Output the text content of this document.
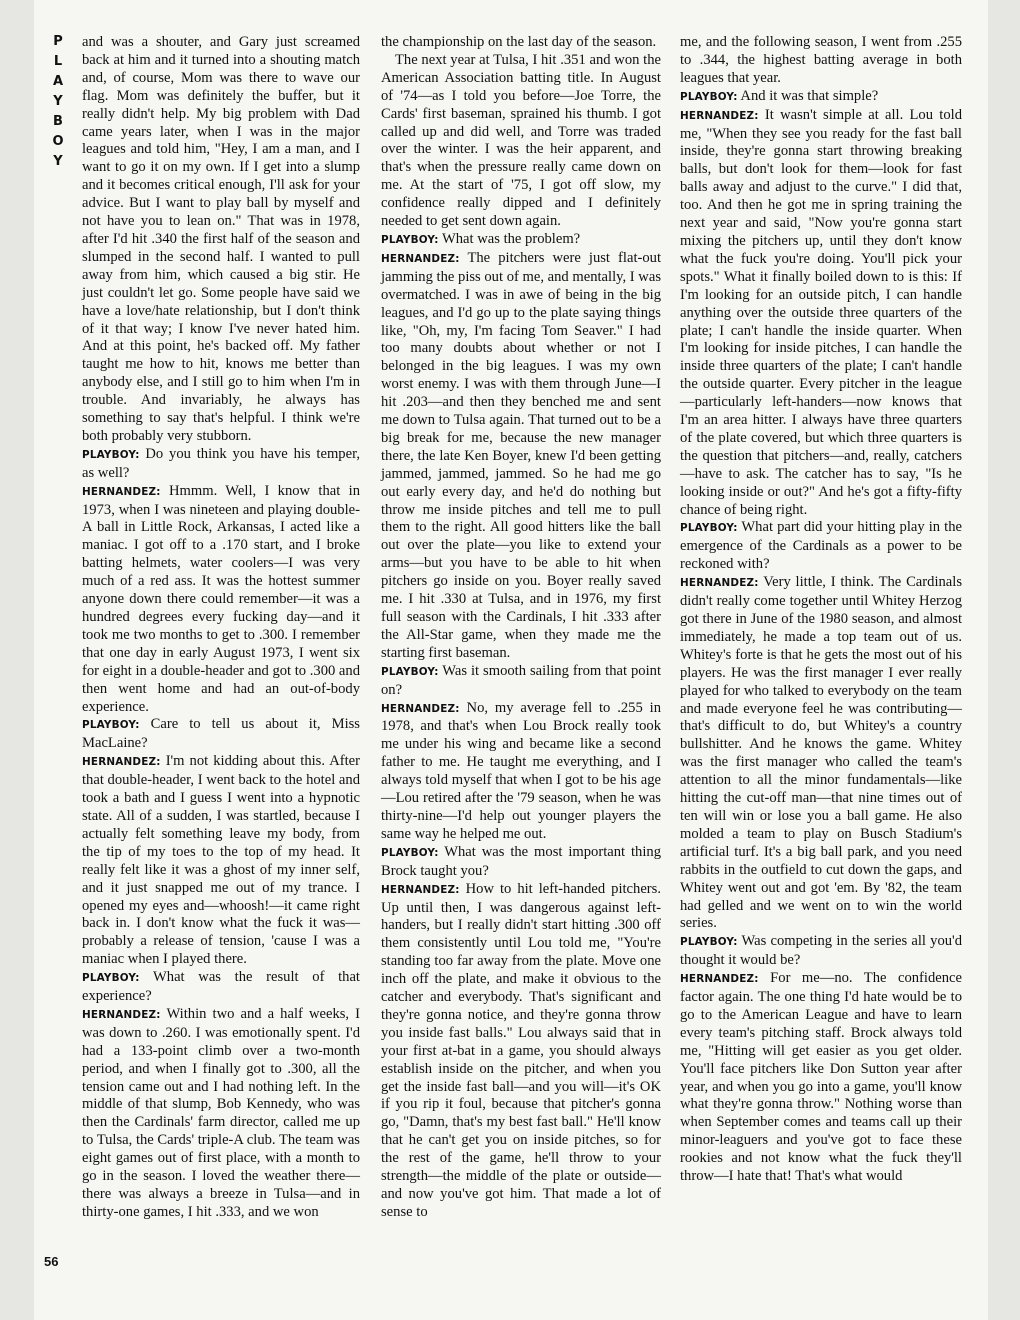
P
L
A
Y
B
O
Y

and was a shouter, and Gary just screamed back at him and it turned into a shouting match and, of course, Mom was there to wave our flag. Mom was definitely the buffer, but it really didn't help. My big problem with Dad came years later, when I was in the major leagues and told him, "Hey, I am a man, and I want to go it on my own. If I get into a slump and it becomes critical enough, I'll ask for your advice. But I want to play ball by myself and not have you to lean on." That was in 1978, after I'd hit .340 the first half of the season and slumped in the second half. I wanted to pull away from him, which caused a big stir. He just couldn't let go. Some people have said we have a love/hate relationship, but I don't think of it that way; I know I've never hated him. And at this point, he's backed off. My father taught me how to hit, knows me better than anybody else, and I still go to him when I'm in trouble. And invariably, he always has something to say that's helpful. I think we're both probably very stubborn.

PLAYBOY: Do you think you have his temper, as well?

HERNANDEZ: Hmmm. Well, I know that in 1973, when I was nineteen and playing double-A ball in Little Rock, Arkansas, I acted like a maniac. I got off to a .170 start, and I broke batting helmets, water coolers—I was very much of a red ass. It was the hottest summer anyone down there could remember—it was a hundred degrees every fucking day—and it took me two months to get to .300. I remember that one day in early August 1973, I went six for eight in a double-header and got to .300 and then went home and had an out-of-body experience.

PLAYBOY: Care to tell us about it, Miss MacLaine?

HERNANDEZ: I'm not kidding about this. After that double-header, I went back to the hotel and took a bath and I guess I went into a hypnotic state. All of a sudden, I was startled, because I actually felt something leave my body, from the tip of my toes to the top of my head. It really felt like it was a ghost of my inner self, and it just snapped me out of my trance. I opened my eyes and—whoosh!—it came right back in. I don't know what the fuck it was—probably a release of tension, 'cause I was a maniac when I played there.

PLAYBOY: What was the result of that experience?

HERNANDEZ: Within two and a half weeks, I was down to .260. I was emotionally spent. I'd had a 133-point climb over a two-month period, and when I finally got to .300, all the tension came out and I had nothing left. In the middle of that slump, Bob Kennedy, who was then the Cardinals' farm director, called me up to Tulsa, the Cards' triple-A club. The team was eight games out of first place, with a month to go in the season. I loved the weather there—there was always a breeze in Tulsa—and in thirty-one games, I hit .333, and we won

the championship on the last day of the season.

The next year at Tulsa, I hit .351 and won the American Association batting title. In August of '74—as I told you before—Joe Torre, the Cards' first baseman, sprained his thumb. I got called up and did well, and Torre was traded over the winter. I was the heir apparent, and that's when the pressure really came down on me. At the start of '75, I got off slow, my confidence really dipped and I definitely needed to get sent down again.

PLAYBOY: What was the problem?

HERNANDEZ: The pitchers were just flat-out jamming the piss out of me, and mentally, I was overmatched. I was in awe of being in the big leagues, and I'd go up to the plate saying things like, "Oh, my, I'm facing Tom Seaver." I had too many doubts about whether or not I belonged in the big leagues. I was my own worst enemy. I was with them through June—I hit .203—and then they benched me and sent me down to Tulsa again. That turned out to be a big break for me, because the new manager there, the late Ken Boyer, knew I'd been getting jammed, jammed, jammed. So he had me go out early every day, and he'd do nothing but throw me inside pitches and tell me to pull them to the right. All good hitters like the ball out over the plate—you like to extend your arms—but you have to be able to hit when pitchers go inside on you. Boyer really saved me. I hit .330 at Tulsa, and in 1976, my first full season with the Cardinals, I hit .333 after the All-Star game, when they made me the starting first baseman.

PLAYBOY: Was it smooth sailing from that point on?

HERNANDEZ: No, my average fell to .255 in 1978, and that's when Lou Brock really took me under his wing and became like a second father to me. He taught me everything, and I always told myself that when I got to be his age—Lou retired after the '79 season, when he was thirty-nine—I'd help out younger players the same way he helped me out.

PLAYBOY: What was the most important thing Brock taught you?

HERNANDEZ: How to hit left-handed pitchers. Up until then, I was dangerous against left-handers, but I really didn't start hitting .300 off them consistently until Lou told me, "You're standing too far away from the plate. Move one inch off the plate, and make it obvious to the catcher and everybody. That's significant and they're gonna notice, and they're gonna throw you inside fast balls." Lou always said that in your first at-bat in a game, you should always establish inside on the pitcher, and when you get the inside fast ball—and you will—it's OK if you rip it foul, because that pitcher's gonna go, "Damn, that's my best fast ball." He'll know that he can't get you on inside pitches, so for the rest of the game, he'll throw to your strength—the middle of the plate or outside—and now you've got him. That made a lot of sense to

me, and the following season, I went from .255 to .344, the highest batting average in both leagues that year.

PLAYBOY: And it was that simple?

HERNANDEZ: It wasn't simple at all. Lou told me, "When they see you ready for the fast ball inside, they're gonna start throwing breaking balls, but don't look for them—look for fast balls away and adjust to the curve." I did that, too. And then he got me in spring training the next year and said, "Now you're gonna start mixing the pitchers up, until they don't know what the fuck you're doing. You'll pick your spots." What it finally boiled down to is this: If I'm looking for an outside pitch, I can handle anything over the outside three quarters of the plate; I can't handle the inside quarter. When I'm looking for inside pitches, I can handle the inside three quarters of the plate; I can't handle the outside quarter. Every pitcher in the league—particularly left-handers—now knows that I'm an area hitter. I always have three quarters of the plate covered, but which three quarters is the question that pitchers—and, really, catchers—have to ask. The catcher has to say, "Is he looking inside or out?" And he's got a fifty-fifty chance of being right.

PLAYBOY: What part did your hitting play in the emergence of the Cardinals as a power to be reckoned with?

HERNANDEZ: Very little, I think. The Cardinals didn't really come together until Whitey Herzog got there in June of the 1980 season, and almost immediately, he made a top team out of us. Whitey's forte is that he gets the most out of his players. He was the first manager I ever really played for who talked to everybody on the team and made everyone feel he was contributing—that's difficult to do, but Whitey's a country bullshitter. And he knows the game. Whitey was the first manager who called the team's attention to all the minor fundamentals—like hitting the cut-off man—that nine times out of ten will win or lose you a ball game. He also molded a team to play on Busch Stadium's artificial turf. It's a big ball park, and you need rabbits in the outfield to cut down the gaps, and Whitey went out and got 'em. By '82, the team had gelled and we went on to win the world series.

PLAYBOY: Was competing in the series all you'd thought it would be?

HERNANDEZ: For me—no. The confidence factor again. The one thing I'd hate would be to go to the American League and have to learn every team's pitching staff. Brock always told me, "Hitting will get easier as you get older. You'll face pitchers like Don Sutton year after year, and when you go into a game, you'll know what they're gonna throw." Nothing worse than when September comes and teams call up their minor-leaguers and you've got to face these rookies and not know what the fuck they'll throw—I hate that! That's what would

56
